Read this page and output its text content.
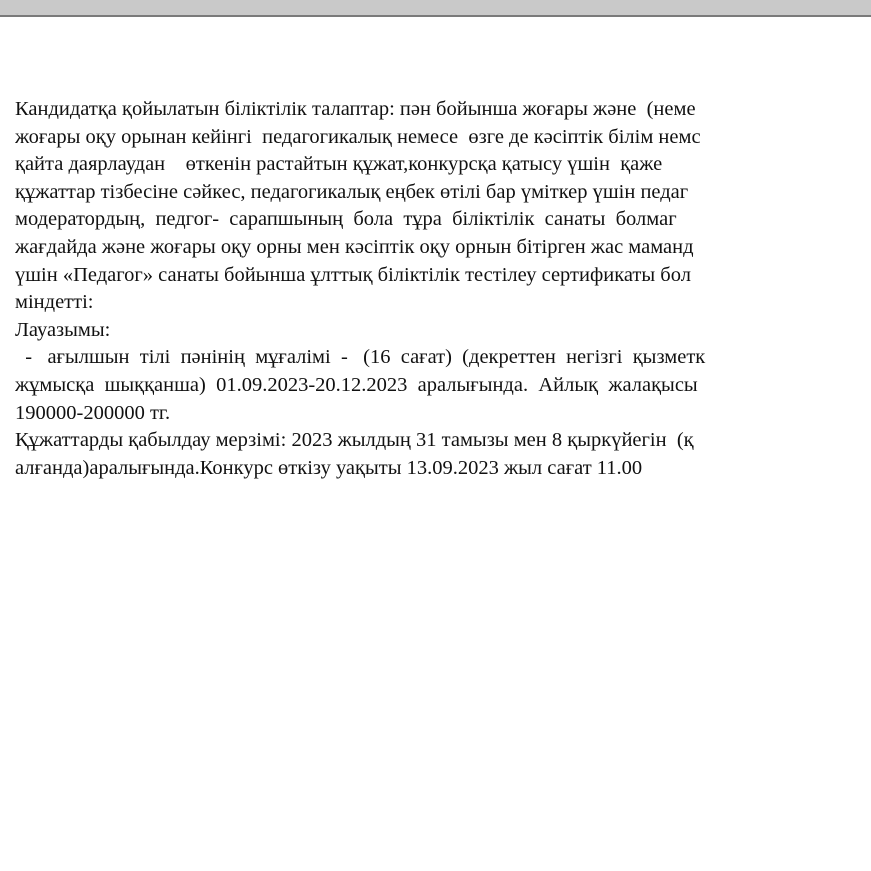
Кандидатқа қойылатын біліктілік талаптар: пән бойынша жоғары және  (неме
жоғары оқу орынан кейінгі  педагогикалық немесе  өзге де кәсіптік білім немс
қайта даярлаудан    өткенін растайтын құжат,конкурсқа қатысу үшін  қаже
құжаттар тізбесіне сәйкес, педагогикалық еңбек өтілі бар үміткер үшін педаг
модератордың,  педгог-  сарапшының  бола  тұра  біліктілік  санаты  болмаг
жағдайда және жоғары оқу орны мен кәсіптік оқу орнын бітірген жас маманд
үшін «Педагог» санаты бойынша ұлттық біліктілік тестілеу сертификаты бол
міндетті:
Лауазымы:
-   ағылшын  тілі  пәнінің  мұғалімі  -   (16  сағат)  (декреттен  негізгі  қызметк
жұмысқа  шыққанша)  01.09.2023-20.12.2023  аралығында.  Айлық  жалақысы
190000-200000 тг.
Құжаттарды қабылдау мерзімі: 2023 жылдың 31 тамызы мен 8 қыркүйегін  (қ
алғанда)аралығында.Конкурс өткізу уақыты 13.09.2023 жыл сағат 11.00
